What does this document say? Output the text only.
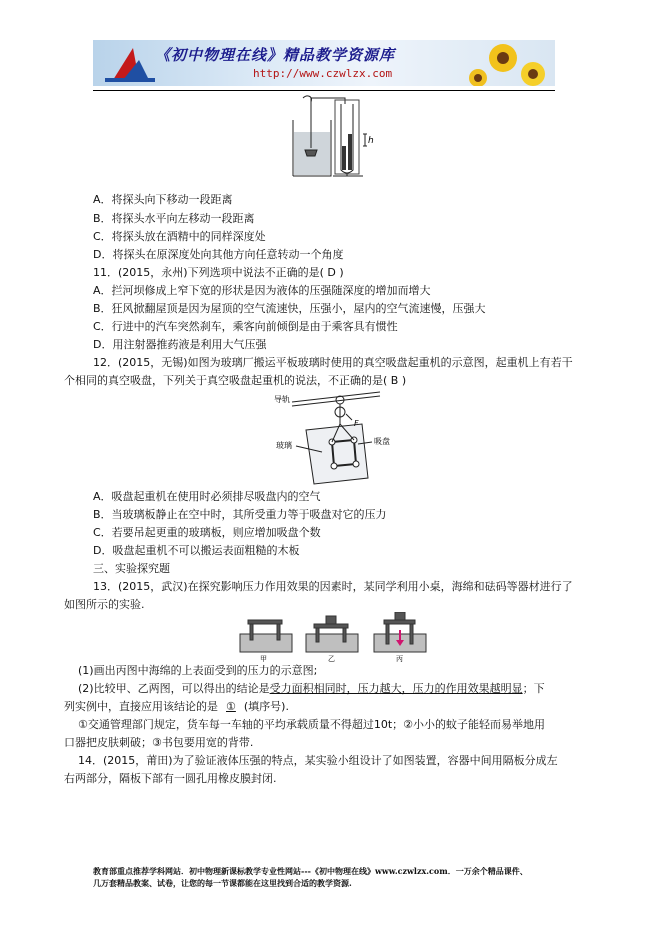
《初中物理在线》精品教学资源库
http://www.czwlzx.com
h
A．将探头向下移动一段距离
B．将探头水平向左移动一段距离
C．将探头放在酒精中的同样深度处
D．将探头在原深度处向其他方向任意转动一个角度
11．(2015，永州)下列选项中说法不正确的是( D )
A．拦河坝修成上窄下宽的形状是因为液体的压强随深度的增加而增大
B．狂风掀翻屋顶是因为屋顶的空气流速快，压强小，屋内的空气流速慢，压强大
C．行进中的汽车突然刹车，乘客向前倾倒是由于乘客具有惯性
D．用注射器推药液是利用大气压强
12．(2015，无锡)如图为玻璃厂搬运平板玻璃时使用的真空吸盘起重机的示意图，起重机上有若干
个相同的真空吸盘，下列关于真空吸盘起重机的说法，不正确的是( B )
导轨
F
玻璃	吸盘
A．吸盘起重机在使用时必须排尽吸盘内的空气
B．当玻璃板静止在空中时，其所受重力等于吸盘对它的压力
C．若要吊起更重的玻璃板，则应增加吸盘个数
D．吸盘起重机不可以搬运表面粗糙的木板
三、实验探究题
13．(2015，武汉)在探究影响压力作用效果的因素时，某同学利用小桌，海绵和砝码等器材进行了
如图所示的实验.
甲	乙	丙
(1)画出丙图中海绵的上表面受到的压力的示意图;
(2)比较甲、乙两图，可以得出的结论是受力面积相同时，压力越大，压力的作用效果越明显；下
列实例中，直接应用该结论的是 ① (填序号).
①交通管理部门规定，货车每一车轴的平均承载质量不得超过10t；②小小的蚊子能轻而易举地用
口器把皮肤刺破；③书包要用宽的背带.
14．(2015，莆田)为了验证液体压强的特点，某实验小组设计了如图装置，容器中间用隔板分成左
右两部分，隔板下部有一圆孔用橡皮膜封闭.
教育部重点推荐学科网站．初中物理新课标教学专业性网站---《初中物理在线》www.czwlzx.com．一万余个精品课件、
几万套精品教案、试卷，让您的每一节课都能在这里找到合适的教学资源.
